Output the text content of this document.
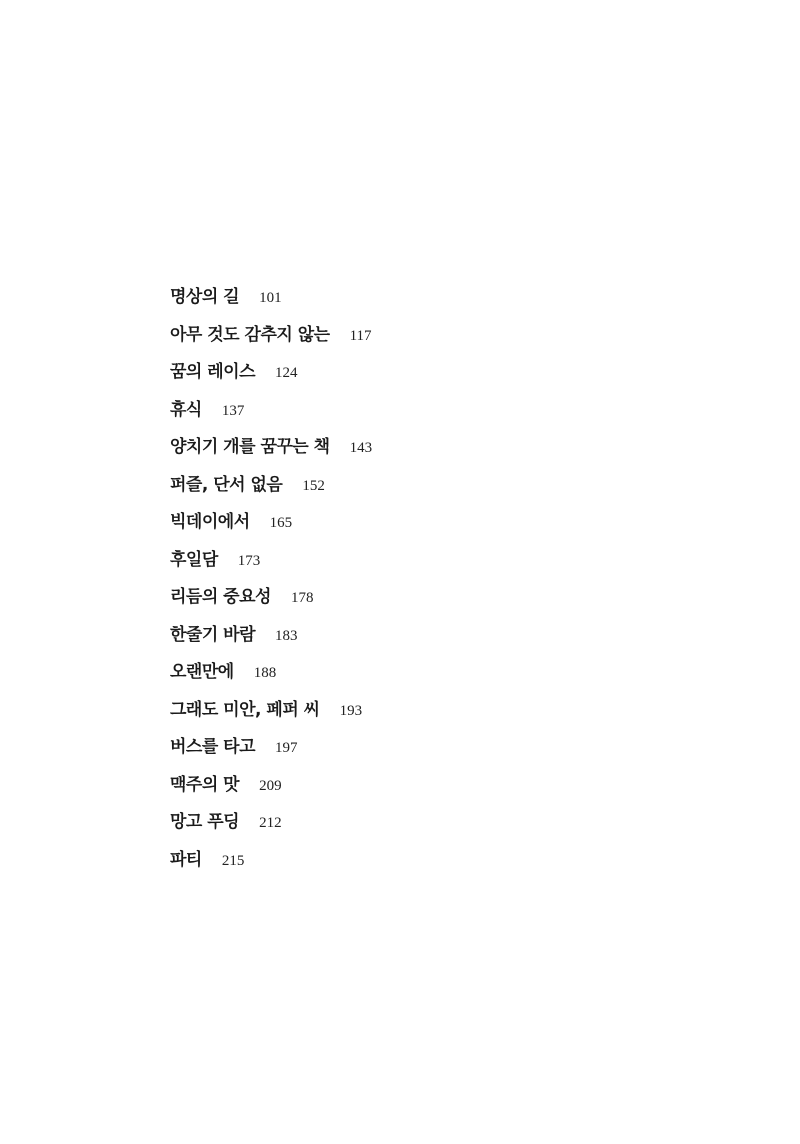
명상의 길 101
아무 것도 감추지 않는 117
꿈의 레이스 124
휴식 137
양치기 개를 꿈꾸는 책 143
퍼즐, 단서 없음 152
빅데이에서 165
후일담 173
리듬의 중요성 178
한줄기 바람 183
오랜만에 188
그래도 미안, 페퍼 씨 193
버스를 타고 197
맥주의 맛 209
망고 푸딩 212
파티 215
